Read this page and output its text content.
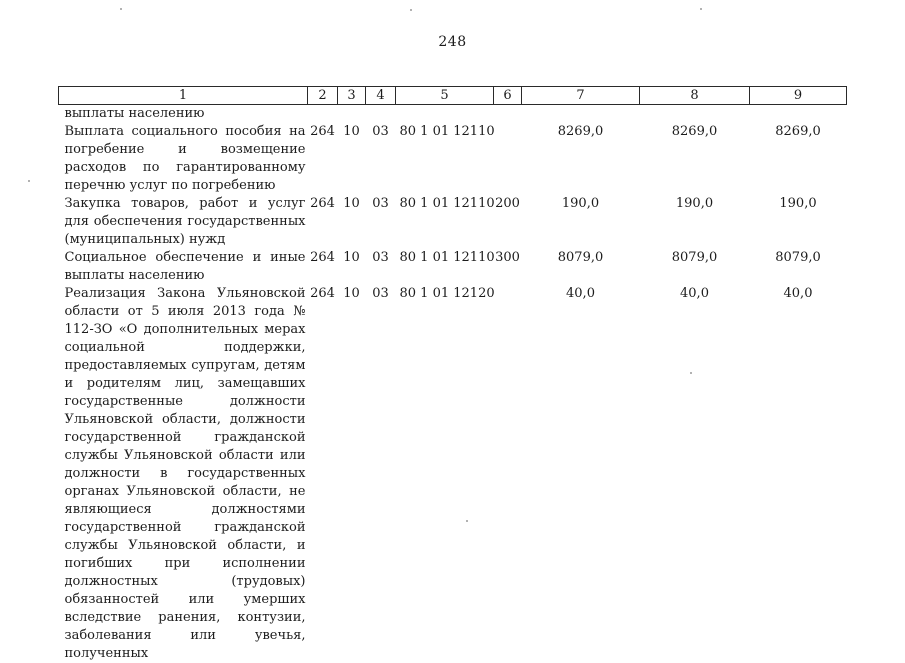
248
1	2	3	4	5	6	7	8	9
выплаты населению								
Выплата социального пособия на погребение и возмещение расходов по гарантированному перечню услуг по погребению	264	10	03	80 1 01 12110		8269,0	8269,0	8269,0
Закупка товаров, работ и услуг для обеспечения государственных (муниципальных) нужд	264	10	03	80 1 01 12110	200	190,0	190,0	190,0
Социальное обеспечение и иные выплаты населению	264	10	03	80 1 01 12110	300	8079,0	8079,0	8079,0
Реализация Закона Ульяновской области от 5 июля 2013 года № 112-ЗО «О дополнительных мерах социальной поддержки, предоставляемых супругам, детям и родителям лиц, замещавших государственные должности Ульяновской области, должности государственной гражданской службы Ульяновской области или должности в государственных органах Ульяновской области, не являющиеся должностями государственной гражданской службы Ульяновской области, и погибших при исполнении должностных (трудовых) обязанностей или умерших вследствие ранения, контузии, заболевания или увечья, полученных	264	10	03	80 1 01 12120		40,0	40,0	40,0
